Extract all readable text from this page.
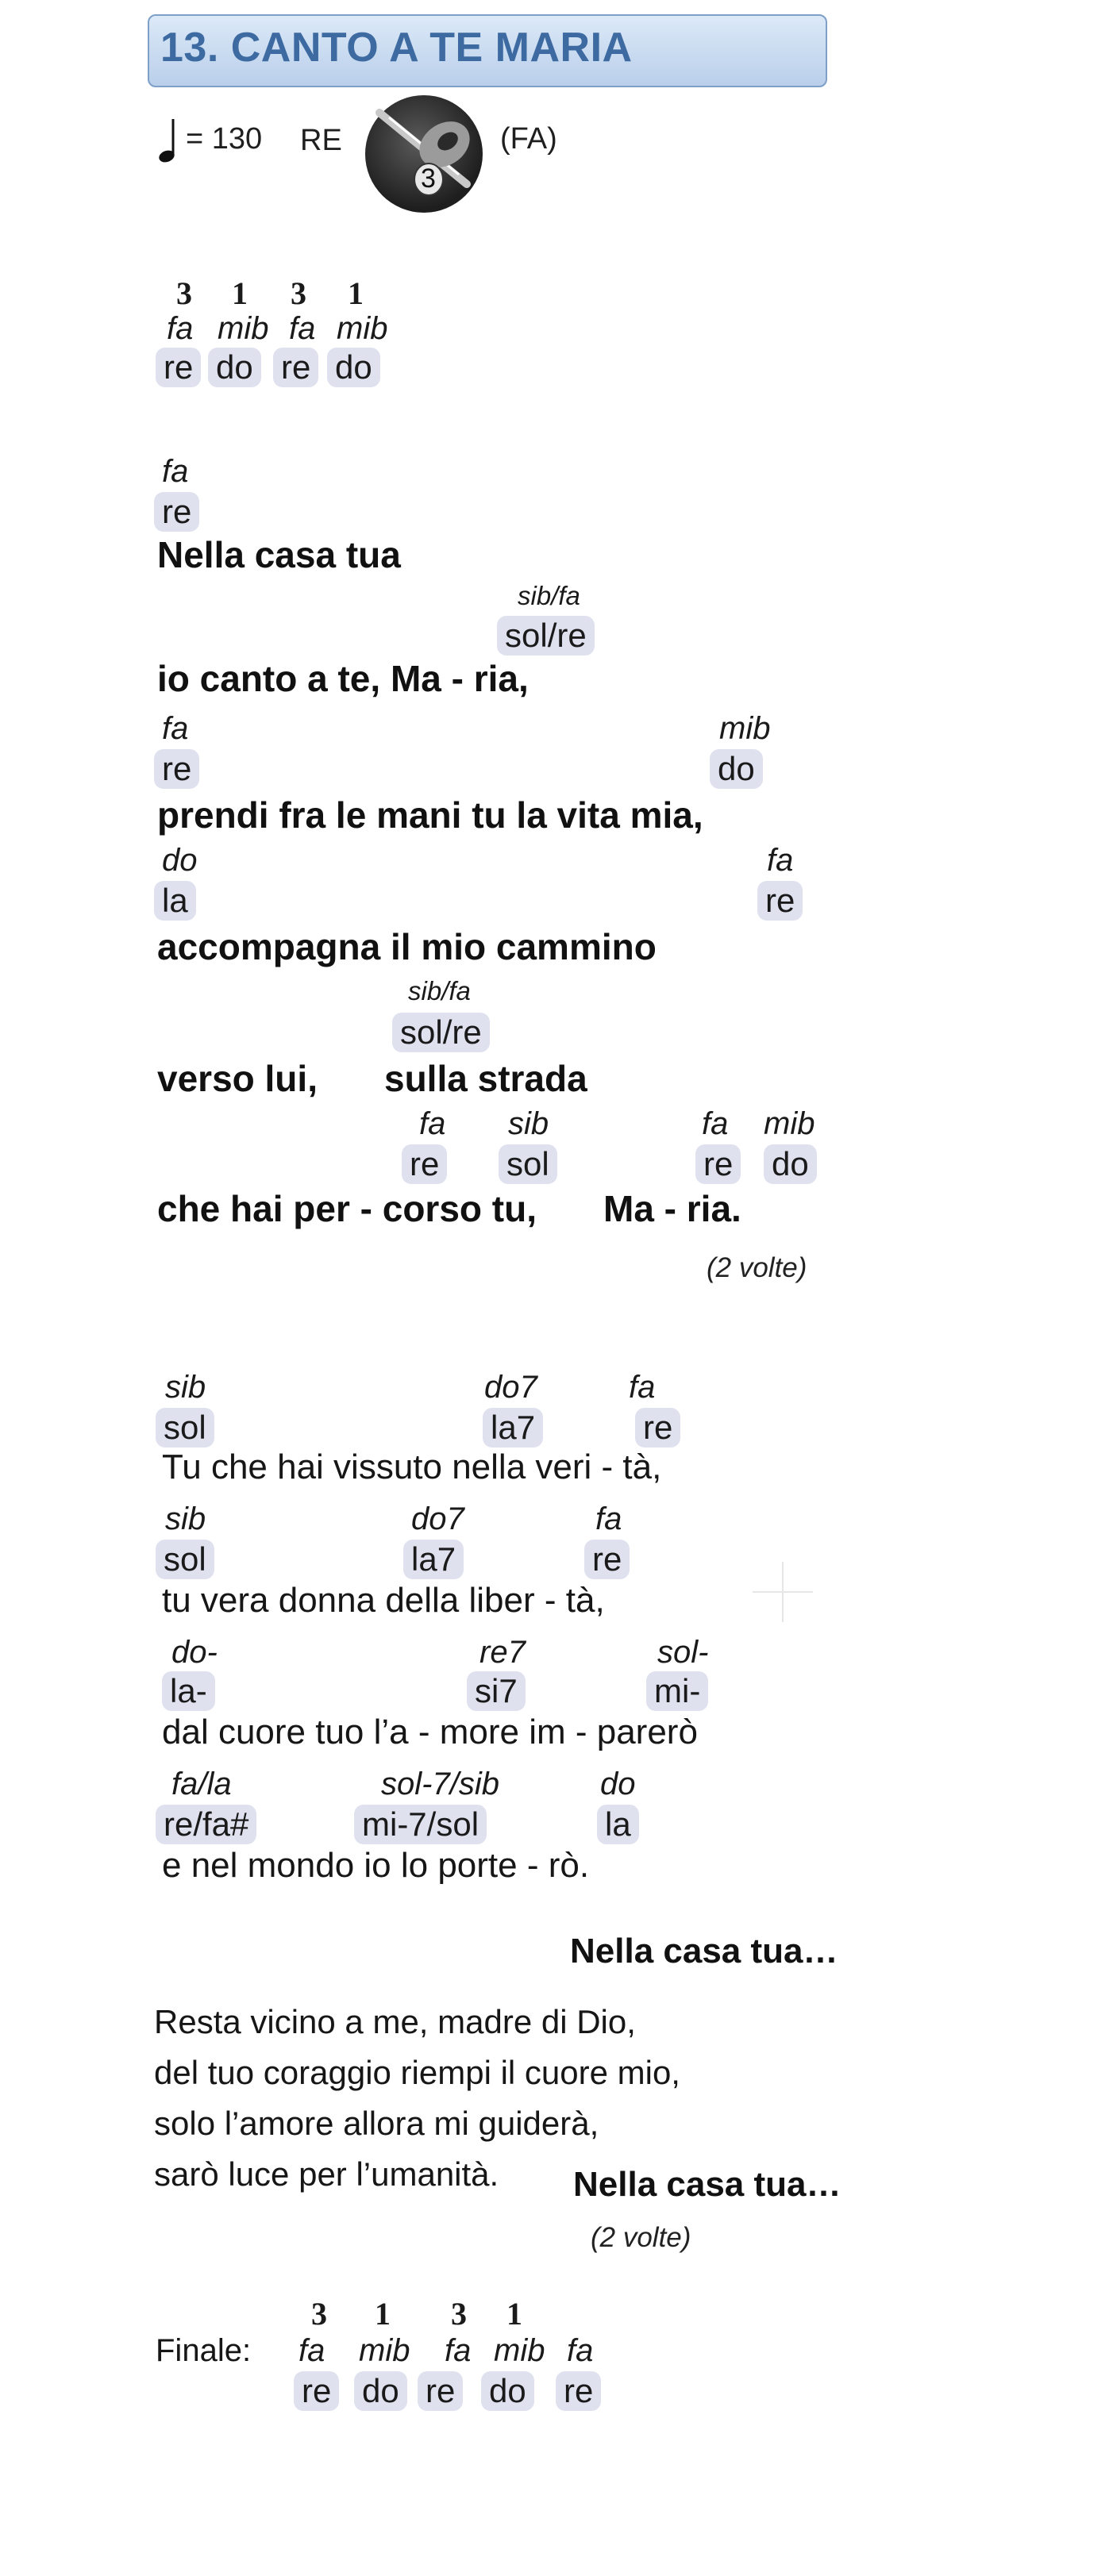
13. CANTO A TE MARIA
= 130 RE
3
(FA)
3 1 3 1
fa mib fa mib
re do re do
fa
re
Nella casa tua
sib/fa
sol/re
io canto a te, Ma - ria,
fa	mib
re	do
prendi fra le mani tu la vita mia,
do	fa
la	re
accompagna il mio cammino
sib/fa
sol/re
verso lui, sulla strada
fa sib	fa mib
re sol	re do
che hai per - corso tu, Ma - ria.
(2 volte)
sib	do7	fa
sol	la7	re
Tu che hai vissuto nella veri - tà,
sib	do7	fa
sol	la7	re
tu vera donna della liber - tà,
do-	re7	sol-
la-	si7	mi-
dal cuore tuo l’a - more im - parerò
fa/la	sol-7/sib	do
re/fa#	mi-7/sol	la
e nel mondo io lo porte - rò.
Nella casa tua…
Resta vicino a me, madre di Dio,
del tuo coraggio riempi il cuore mio,
solo l’amore allora mi guiderà,
sarò luce per l’umanità. Nella casa tua…
(2 volte)
3 1 3 1
Finale: fa mib fa mib fa
re do re do re
